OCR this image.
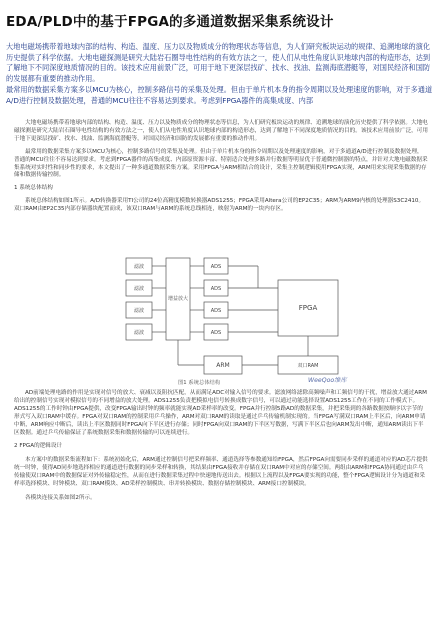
EDA/PLD中的基于FPGA的多通道数据采集系统设计

大地电磁场携带着地球内部的结构、构造、温度、压力以及物质成分的物理状态等信息，为人们研究板块运动的规律、追溯地球的演化历史提供了科学依据。大地电磁探测是研究大陆岩石圈导电性结构的有效方法之一，使人们从电性角度认识地球内部的构造形态，达到了解地下不同深度地质情况的目的。该技术应用前景广泛，可用于地下更深层找矿、找水、找油、监测海底潜艇等，对国民经济和国防的发展都有重要的推动作用。

最常用的数据采集方案多以MCU为核心，控制多路信号的采集及处理。但由于单片机本身的指令周期以及处理速度的影响，对于多通道A/D进行控制及数据处理，普通的MCU往往不容易达到要求。考虑到FPGA器件的高集成度、内部

大地电磁场携带着地球内部的结构、构造、温度、压力以及物质成分的物理状态等信息，为人们研究板块运动的规律、追溯地球的演化历史提供了科学依据。大地电磁探测是研究大陆岩石圈导电性结构的有效方法之一，使人们从电性角度认识地球内部的构造形态，达到了解地下不同深度地质情况的目的。该技术应用前景广泛，可用于地下更深层找矿、找水、找油、监测海底潜艇等，对国民经济和国防的发展都有重要的推动作用。

最常用的数据采集方案多以MCU为核心，控制多路信号的采集及处理。但由于单片机本身的指令周期以及处理速度的影响，对于多通道A/D进行控制及数据处理，普通的MCU往往不容易达到要求。考虑到FPGA器件的高集成度、内部原资源丰富、特别适合处理多路并行数据等明显优于普通微控制器的特点，并针对大地电磁数据采集系统对实时性和同步性的要求，本文提出了一种多通道数据采集方案。采用FPGA与ARM相结合的设计，采集主控制逻辑使用FPGA实现，ARM用来实现采集数据的存储和数据传输控制。

1 系统总体结构

系统总体结构如图1所示。A/D转换器采用TI公司的24位高精度模数转换器ADS1255；FPGA采用Altera公司的EP2C35；ARM为ARM9内核的处理器S3C2410。双口RAM由EP2C35内部存储器块配置而成，该双口RAM与ARM的系统总线相连，映射为ARM的一块内存区。

滤波
滤波
滤波
滤波
增益放大
ADS
ADS
ADS
ADS
FPGA
ARM	双口RAM
图1 系统总体结构	WeeQoo维库

AD前端处理电路的作用是实现对信号的放大、衰减以及阻抗匹配，从而满足ADC对输入信号的要求。滤波网络滤除高频噪声和工频信号的干扰，增益放大通过ARM给出的控制信号实现对模拟信号的不同增益的放大处理。ADS1255负责把模拟电信号转换成数字信号，可以通过功能选择设置ADS1255工作在不同的工作模式下。ADS1255的工作时钟由FPGA提供，改变FPGA输出时钟的频率就能实现AD采样率的改变。FPGA并行控制5路AD的数据采集，并把采集到的各路数据按顺序以字节的形式写入双口RAM中缓存。FPGA对双口RAM的控制采用乒乓操作，ARM对双口RAM的读取是通过乒乓传输机制实现的。当FPGA写满双口RAM上半区后，向ARM申请中断，ARM响应中断后，读出上半区数据同时FPGA向下半区进行存储；同时FPGA向双口RAM的下半区写数据，写满下半区后也向ARM发出中断，通知ARM读出下半区数据。通过乒乓传输保证了系统数据采集和数据传输的可以连续进行。

2 FPGA的逻辑设计

本方案中的数据采集流程如下：系统初始化后，ARM通过控制信号把采样频率、通道选择等参数通知给FPGA，然后FPGA向需要同步采样的通道对应的AD芯片提供统一时钟，使得AD同步地选择相应的通道进行数据的同步采样和转换，其结果由FPGA接收并存储在双口RAM中对应的存储空间。两组由ARM和FPGA协同通过由乒乓传输使双口RAM中的数据保证对外传输稳定性，从而在进行数据采集过程中快速地传送出去。根据以上流程以及FPGA要实现的功能，整个FPGA逻辑设计分为通道和采样率选择模块、时钟模块、双口RAM模块、AD采样控制模块、串并转换模块、数据存储控制模块、ARM接口控制模块。

各模块连接关系如图2所示。
